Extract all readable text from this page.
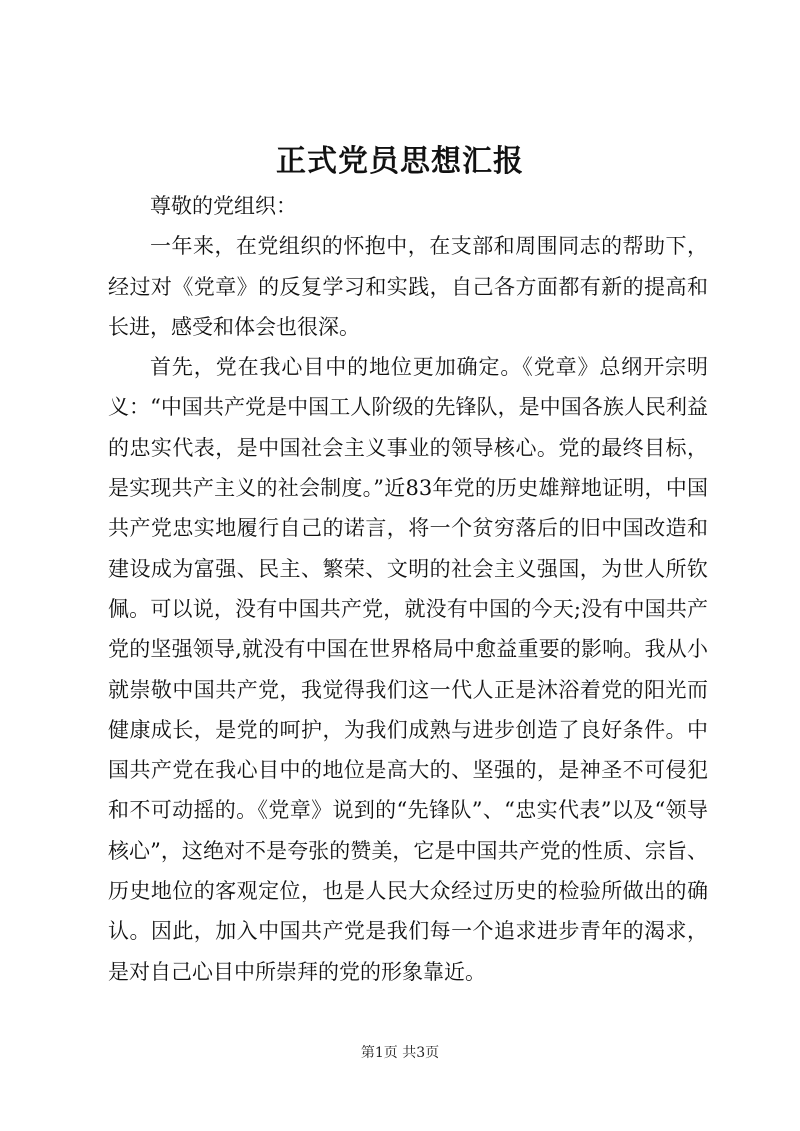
正式党员思想汇报

尊敬的党组织：

一年来，在党组织的怀抱中，在支部和周围同志的帮助下，经过对《党章》的反复学习和实践，自己各方面都有新的提高和长进，感受和体会也很深。

首先，党在我心目中的地位更加确定。《党章》总纲开宗明义：“中国共产党是中国工人阶级的先锋队，是中国各族人民利益的忠实代表，是中国社会主义事业的领导核心。党的最终目标，是实现共产主义的社会制度。”近83年党的历史雄辩地证明，中国共产党忠实地履行自己的诺言，将一个贫穷落后的旧中国改造和建设成为富强、民主、繁荣、文明的社会主义强国，为世人所钦佩。可以说，没有中国共产党，就没有中国的今天;没有中国共产党的坚强领导,就没有中国在世界格局中愈益重要的影响。我从小就崇敬中国共产党，我觉得我们这一代人正是沐浴着党的阳光而健康成长，是党的呵护，为我们成熟与进步创造了良好条件。中国共产党在我心目中的地位是高大的、坚强的，是神圣不可侵犯和不可动摇的。《党章》说到的“先锋队”、“忠实代表”以及“领导核心”，这绝对不是夸张的赞美，它是中国共产党的性质、宗旨、历史地位的客观定位，也是人民大众经过历史的检验所做出的确认。因此，加入中国共产党是我们每一个追求进步青年的渴求，是对自己心目中所崇拜的党的形象靠近。

第1页 共3页
